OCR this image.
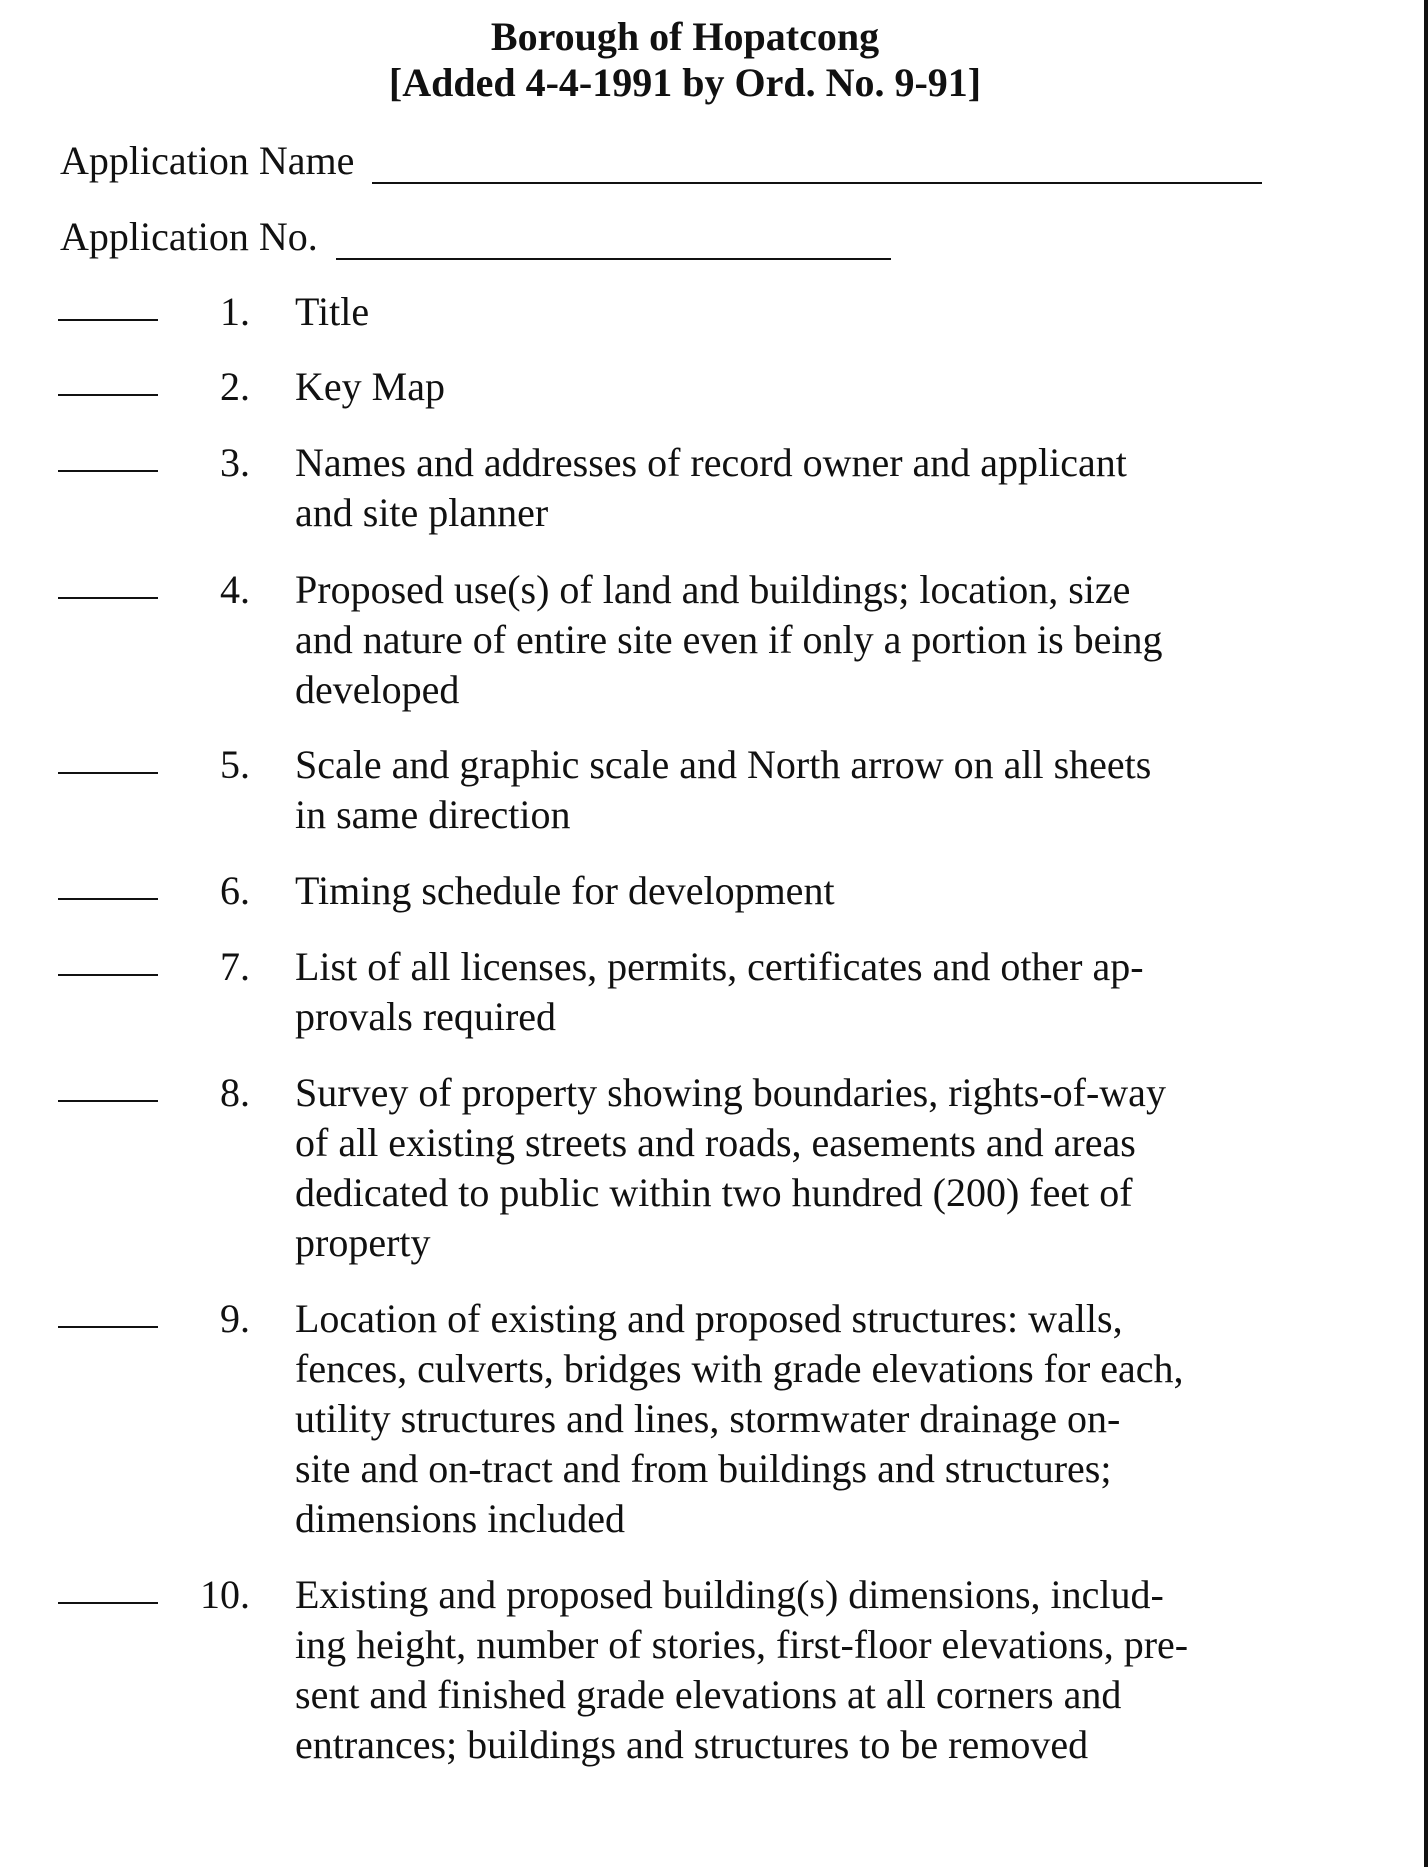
Borough of Hopatcong
[Added 4-4-1991 by Ord. No. 9-91]
Application Name
Application No.
1. Title
2. Key Map
3. Names and addresses of record owner and applicant
and site planner
4. Proposed use(s) of land and buildings; location, size
and nature of entire site even if only a portion is being
developed
5. Scale and graphic scale and North arrow on all sheets
in same direction
6. Timing schedule for development
7. List of all licenses, permits, certificates and other ap-
provals required
8. Survey of property showing boundaries, rights-of-way
of all existing streets and roads, easements and areas
dedicated to public within two hundred (200) feet of
property
9. Location of existing and proposed structures: walls,
fences, culverts, bridges with grade elevations for each,
utility structures and lines, stormwater drainage on-
site and on-tract and from buildings and structures;
dimensions included
10. Existing and proposed building(s) dimensions, includ-
ing height, number of stories, first-floor elevations, pre-
sent and finished grade elevations at all corners and
entrances; buildings and structures to be removed
